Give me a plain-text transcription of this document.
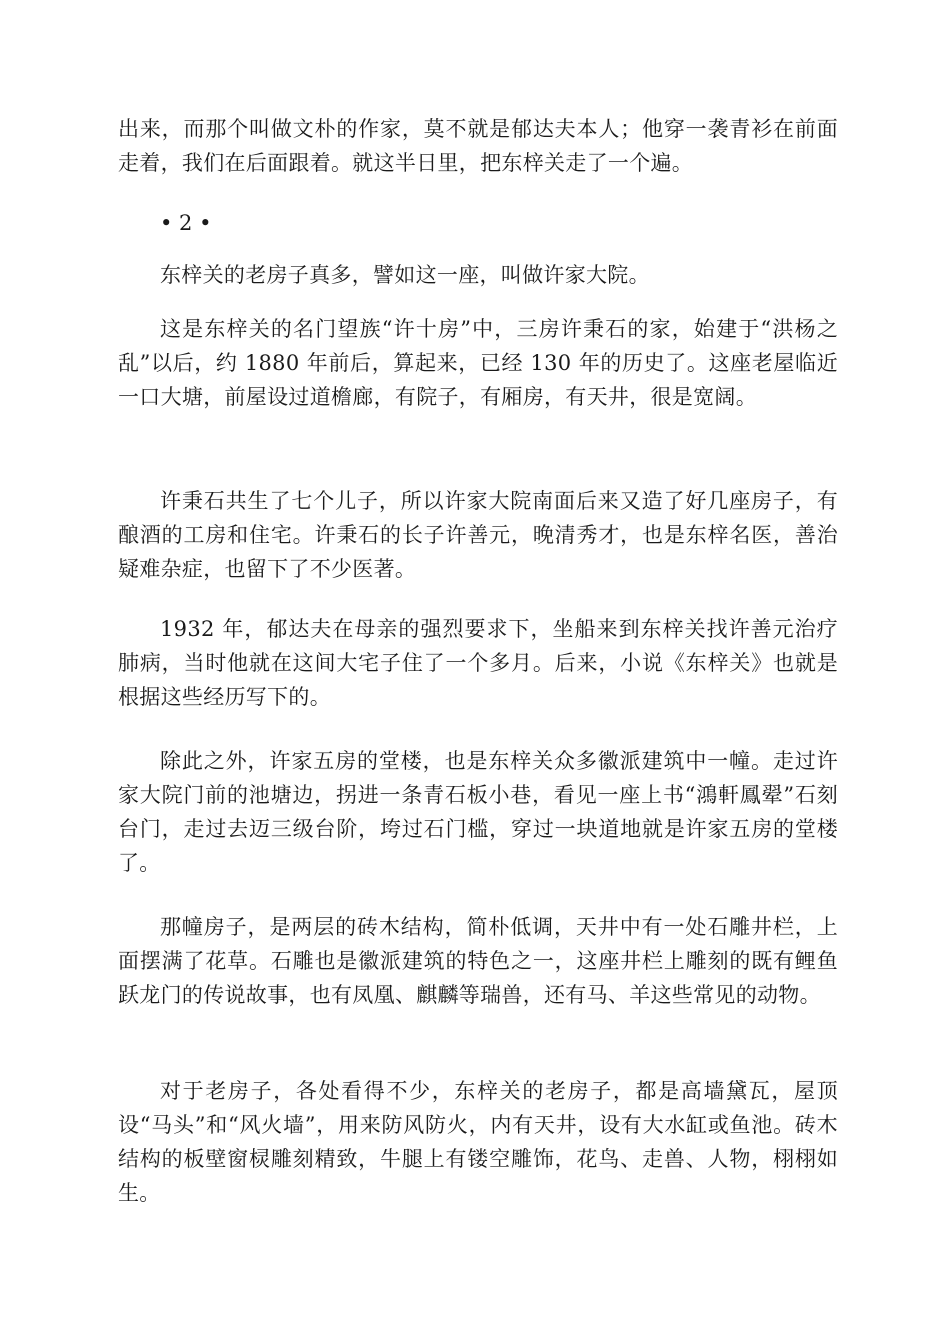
出来，而那个叫做文朴的作家，莫不就是郁达夫本人；他穿一袭青衫在前面走着，我们在后面跟着。就这半日里，把东梓关走了一个遍。

• 2 •

东梓关的老房子真多，譬如这一座，叫做许家大院。

这是东梓关的名门望族“许十房”中，三房许秉石的家，始建于“洪杨之乱”以后，约 1880 年前后，算起来，已经 130 年的历史了。这座老屋临近一口大塘，前屋设过道檐廊，有院子，有厢房，有天井，很是宽阔。

许秉石共生了七个儿子，所以许家大院南面后来又造了好几座房子，有酿酒的工房和住宅。许秉石的长子许善元，晚清秀才，也是东梓名医，善治疑难杂症，也留下了不少医著。

1932 年，郁达夫在母亲的强烈要求下，坐船来到东梓关找许善元治疗肺病，当时他就在这间大宅子住了一个多月。后来，小说《东梓关》也就是根据这些经历写下的。

除此之外，许家五房的堂楼，也是东梓关众多徽派建筑中一幢。走过许家大院门前的池塘边，拐进一条青石板小巷，看见一座上书“鴻軒鳳翚”石刻台门，走过去迈三级台阶，垮过石门槛，穿过一块道地就是许家五房的堂楼了。

那幢房子，是两层的砖木结构，简朴低调，天井中有一处石雕井栏，上面摆满了花草。石雕也是徽派建筑的特色之一，这座井栏上雕刻的既有鲤鱼跃龙门的传说故事，也有凤凰、麒麟等瑞兽，还有马、羊这些常见的动物。

对于老房子，各处看得不少，东梓关的老房子，都是高墙黛瓦，屋顶设“马头”和“风火墙”，用来防风防火，内有天井，设有大水缸或鱼池。砖木结构的板壁窗棂雕刻精致，牛腿上有镂空雕饰，花鸟、走兽、人物，栩栩如生。
